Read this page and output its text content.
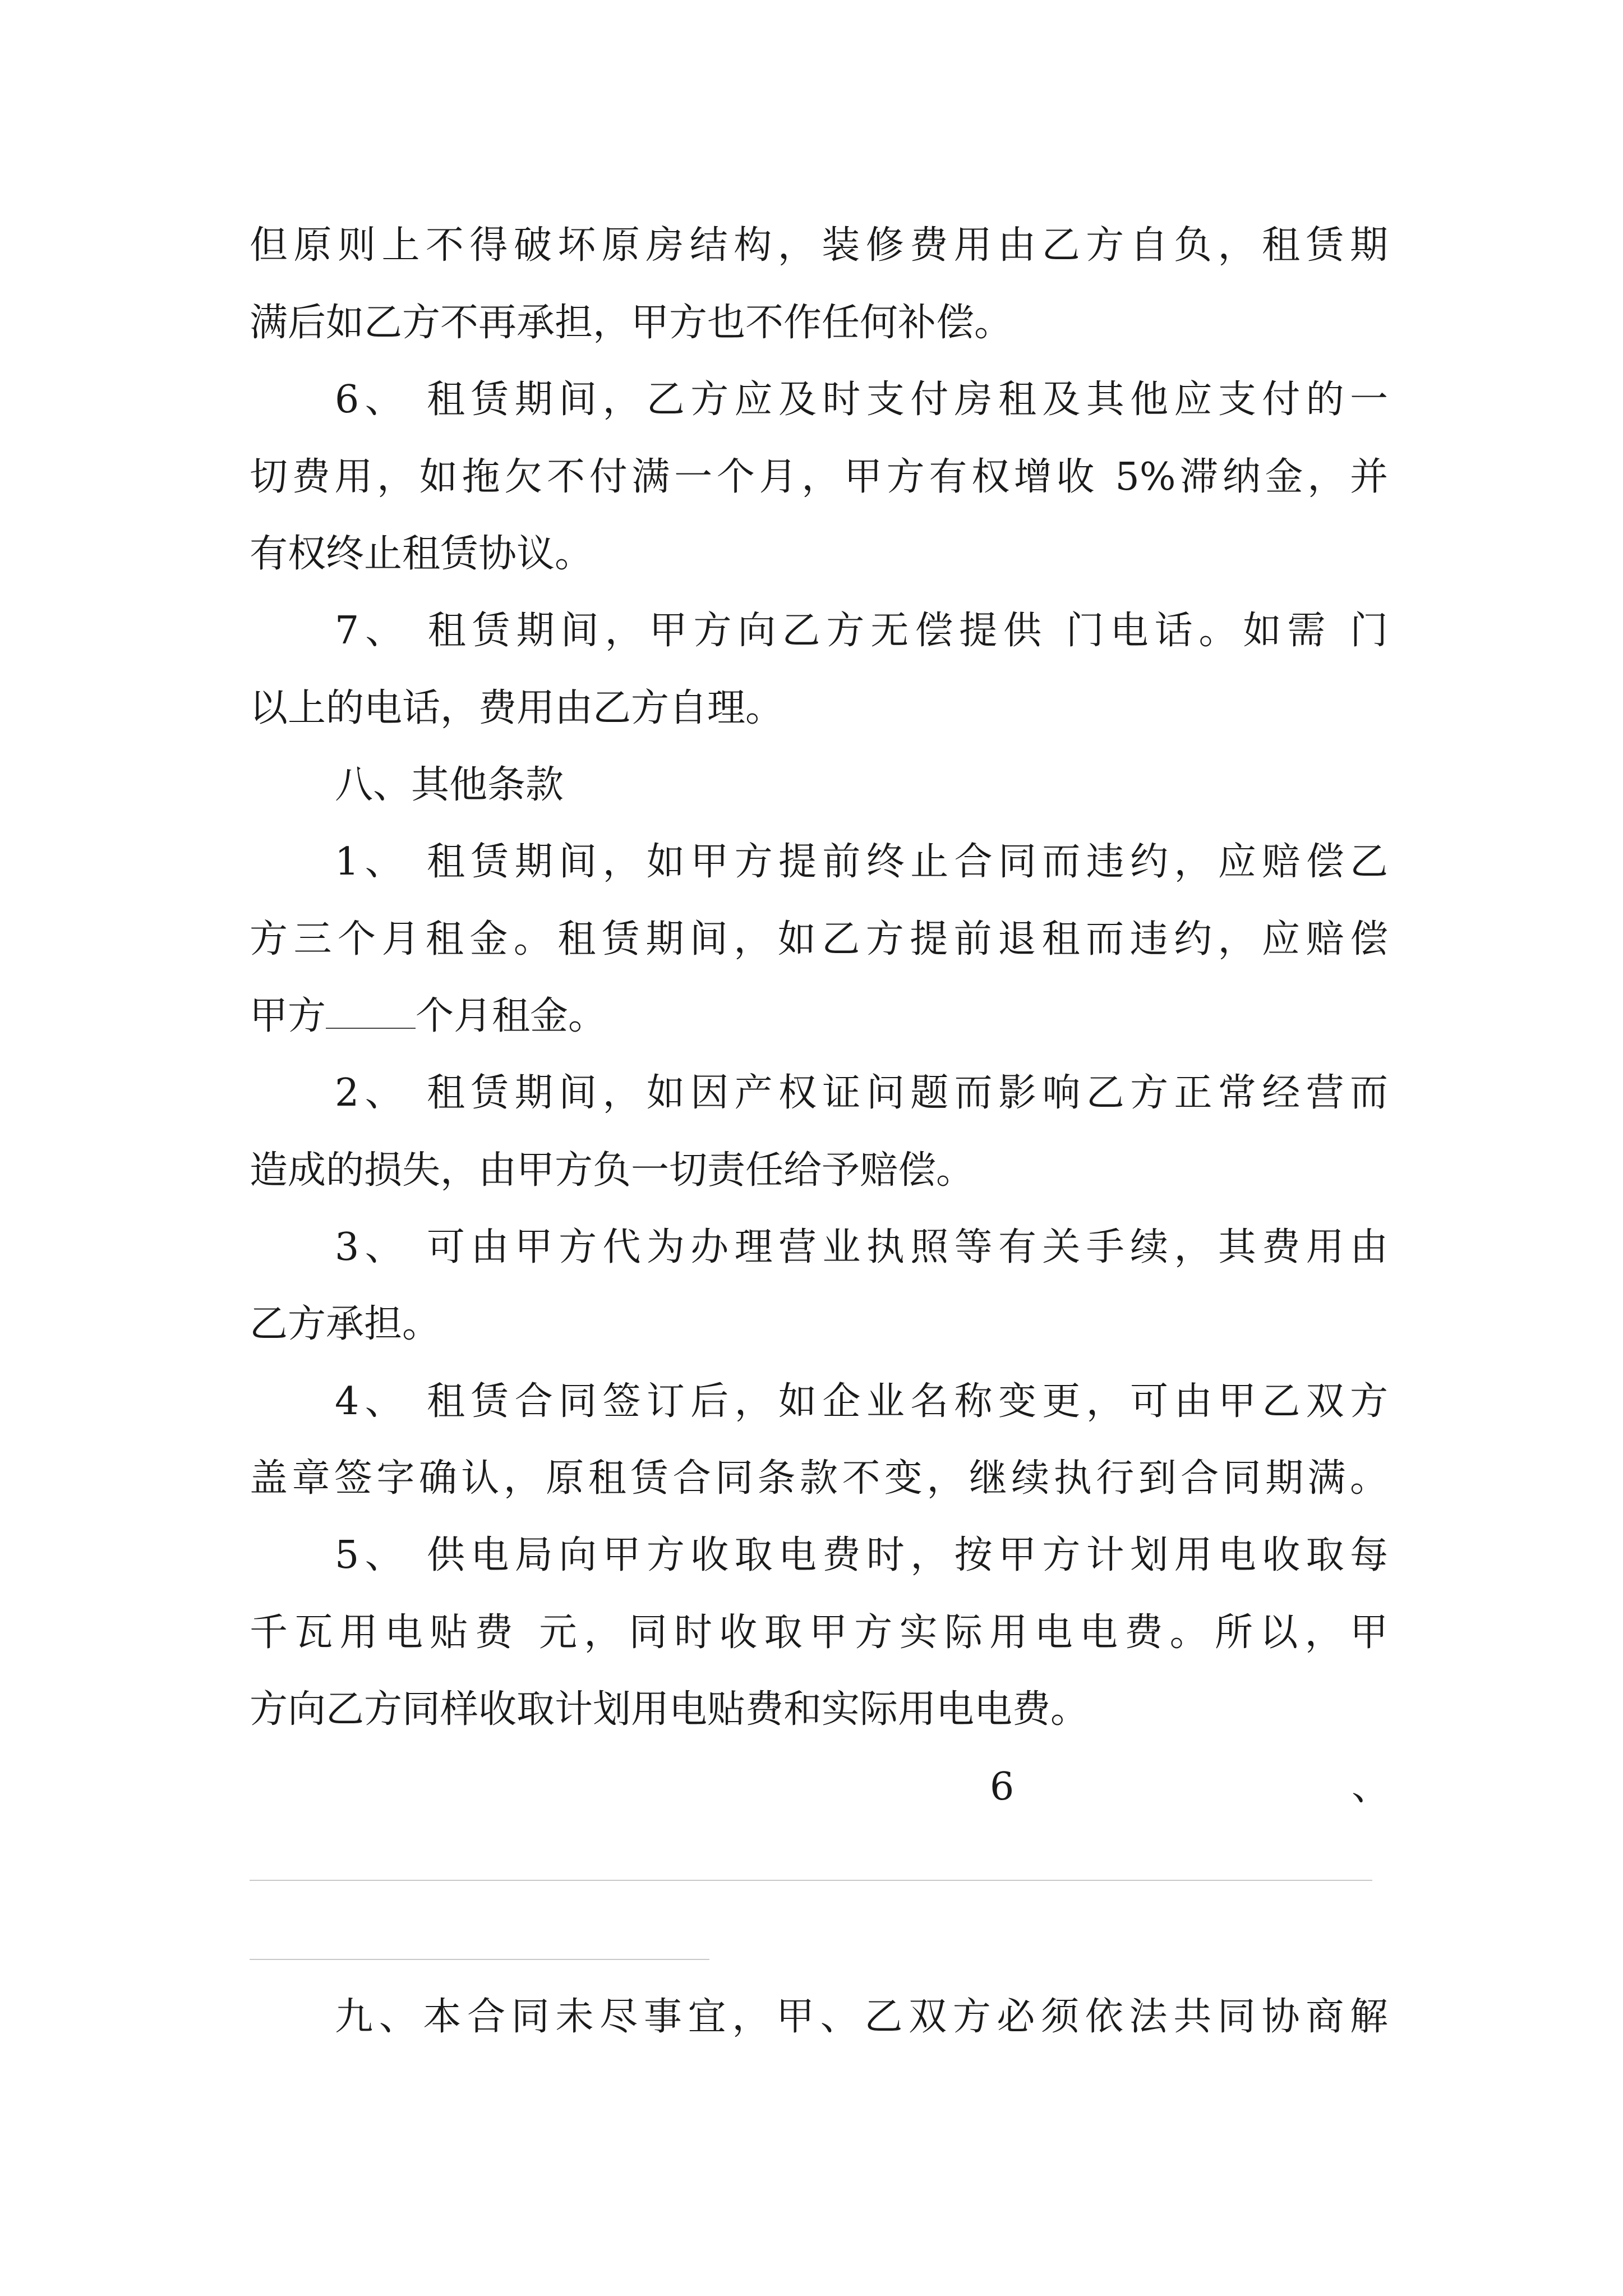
但原则上不得破坏原房结构，装修费用由乙方自负，租赁期
满后如乙方不再承担，甲方也不作任何补偿。
6、 租赁期间，乙方应及时支付房租及其他应支付的一
切费用，如拖欠不付满一个月，甲方有权增收 5%滞纳金，并
有权终止租赁协议。
7、 租赁期间，甲方向乙方无偿提供 门电话。如需 门
以上的电话，费用由乙方自理。
八、其他条款
1、 租赁期间，如甲方提前终止合同而违约，应赔偿乙
方三个月租金。租赁期间，如乙方提前退租而违约，应赔偿
甲方 个月租金。
2、 租赁期间，如因产权证问题而影响乙方正常经营而
造成的损失，由甲方负一切责任给予赔偿。
3、 可由甲方代为办理营业执照等有关手续，其费用由
乙方承担。
4、 租赁合同签订后，如企业名称变更，可由甲乙双方
盖章签字确认，原租赁合同条款不变，继续执行到合同期满。
5、 供电局向甲方收取电费时，按甲方计划用电收取每
千瓦用电贴费 元，同时收取甲方实际用电电费。所以，甲
方向乙方同样收取计划用电贴费和实际用电电费。
6	、
九、本合同未尽事宜，甲、乙双方必须依法共同协商解
